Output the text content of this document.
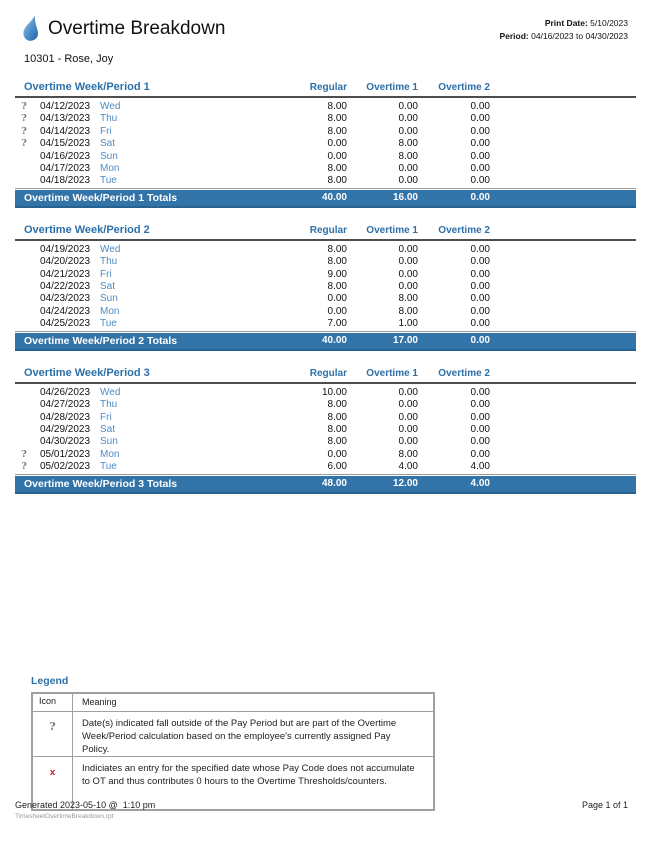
Overtime Breakdown	Print Date: 5/10/2023
Period: 04/16/2023 to 04/30/2023
10301 - Rose, Joy
Overtime Week/Period 1	Regular	Overtime 1	Overtime 2
?	04/12/2023 Wed	8.00	0.00	0.00
?	04/13/2023 Thu	8.00	0.00	0.00
?	04/14/2023 Fri	8.00	0.00	0.00
?	04/15/2023 Sat	0.00	8.00	0.00
04/16/2023 Sun	0.00	8.00	0.00
04/17/2023 Mon	8.00	0.00	0.00
04/18/2023 Tue	8.00	0.00	0.00
Overtime Week/Period 1 Totals	40.00	16.00	0.00
Overtime Week/Period 2	Regular	Overtime 1	Overtime 2
04/19/2023 Wed	8.00	0.00	0.00
04/20/2023 Thu	8.00	0.00	0.00
04/21/2023 Fri	9.00	0.00	0.00
04/22/2023 Sat	8.00	0.00	0.00
04/23/2023 Sun	0.00	8.00	0.00
04/24/2023 Mon	0.00	8.00	0.00
04/25/2023 Tue	7.00	1.00	0.00
Overtime Week/Period 2 Totals	40.00	17.00	0.00
Overtime Week/Period 3	Regular	Overtime 1	Overtime 2
04/26/2023 Wed	10.00	0.00	0.00
04/27/2023 Thu	8.00	0.00	0.00
04/28/2023 Fri	8.00	0.00	0.00
04/29/2023 Sat	8.00	0.00	0.00
04/30/2023 Sun	8.00	0.00	0.00
?	05/01/2023 Mon	0.00	8.00	0.00
?	05/02/2023 Tue	6.00	4.00	4.00
Overtime Week/Period 3 Totals	48.00	12.00	4.00
Legend
Icon	Meaning
?	Date(s) indicated fall outside of the Pay Period but are part of the Overtime Week/Period calculation based on the employee's currently assigned Pay Policy.
x	Indiciates an entry for the specified date whose Pay Code does not accumulate to OT and thus contributes 0 hours to the Overtime Thresholds/counters.
Generated 2023-05-10 @  1:10 pm
TimesheetOvertimeBreakdown.rpt
Page 1 of 1
